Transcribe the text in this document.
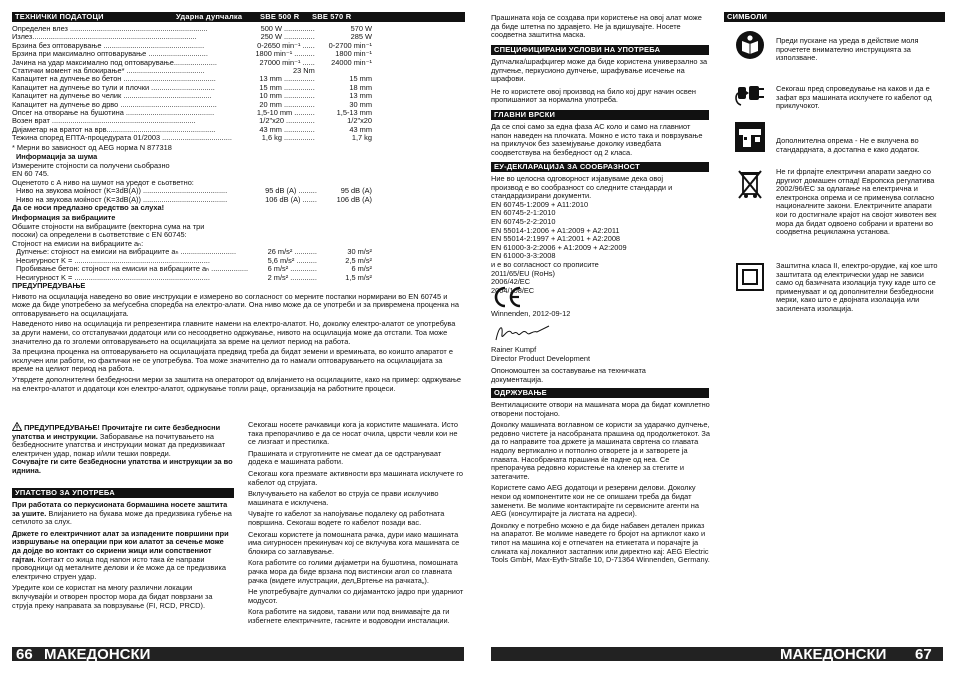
ТЕХНИЧКИ ПОДАТОЦИ	Ударна дупчалка SBE 500 R SBE 570 R
Определен влез ...................................................................	500 W ...............	570 W
Излез................................................................................	250 W ...............	285 W
Брзина без оптоварување .................................................	0-2650 min⁻¹ ......	0-2700 min⁻¹
Брзина при максимално оптоварување .............................	1800 min⁻¹ ..........	1800 min⁻¹
Јачина на удар максимално под оптоварување.....................	27000 min⁻¹ ......	24000 min⁻¹
Статички момент на блокирање* ......................................	23 Nm
Капацитет на дупчење во бетон .............................................	13 mm ...............	15 mm
Капацитет на дупчење во тули и плочки ...............................	15 mm ...............	18 mm
Капацитет на дупчење во челик ...........................................	10 mm ...............	13 mm
Капацитет на дупчење во дрво ...............................................	20 mm ...............	30 mm
Опсег на отворање на бушотина ...........................................	1,5-10 mm ..........	1,5-13 mm
Возен врат ......................................................................	1/2"x20 ..............	1/2"x20
Дијаметар на вратот на врв.....................................................	43 mm ...............	43 mm
Тежина според ЕПТА-процедурата 01/2003 ..................................	1,6 kg ...............	1,7 kg
* Мерни во зависност од AEG норма N 877318

Информација за шума

Измерените стојности са получени сьобразно

EN 60 745.

Оценетото с А ниво на шумот на уредот е сьответно:

Ниво на звукова моќност (K=3dB(A)) .........................................	95 dB (A) .........	95 dB (A)
Ниво на звукова моќност (K=3dB(A)) .........................................	106 dB (A) .......	106 dB (A)

Да се носи предлазно средство за слуха!

Информация за вибрациите

Обшите стојности на вибрациите (векторна сума на три

посоки) са определени в сьответствие с EN 60745:

Стојност на емисии на вибрациите aₕ:

Дупчење: стојност на емисии на вибрациите aₕ ...........................	26 m/s² ...........	30 m/s²
Несигурност K = ..................................................................	5,6 m/s² ..........	2,5 m/s²
Пробивање бетон: стојност на емисии на вибрациите aₕ ..................	6 m/s² .............	6 m/s²
Несигурност K = ..................................................................	2 m/s² .............	1,5 m/s²

ПРЕДУПРЕДУВАЊЕ

Нивото на осцилација наведено во овие инструкции е измерено во согласност со мерните постапки нормирани во EN 60745 и може да биде употребено за меѓусебна споредба на електро-алати. Она ниво може да се употреби и за привремена проценка на оптоварувањето на осцилацијата.

Наведеното ниво на осцилација ги репрезентира главните намени на електро-алатот. Но, доколку електро-алатот се употребува за други намени, со отстапувачки додатоци или со несоодветно одржување, нивото на осцилација може да отстапи. Тоа може значително да го зголеми оптоварувањето на осцилацијата за време на целиот период на работа.

За прецизна проценка на оптоварувањето на осцилацијата предвид треба да бидат земени и времињата, во коишто апаратот е исклучен или работи, но фактички не се употребува. Тоа може значително да го намали оптоварувањето на осцилацијата за време на целиот период на работа.

Утврдете дополнителни безбедносни мерки за заштита на операторот од влијанието на осцилациите, како на пример: одржување на електро-алатот и додатоци кон електро-алатот, одржување топли раце, организација на работните процеси.

ПРЕДУПРЕДУВАЊЕ! Прочитајте ги сите безбедносни упатства и инструкции. Заборавање на почитувањето на безбедносните упатства и инструкции можат да предизвикаат електричен удар, пожар и/или тешки повреди.

Сочувајте ги сите безбедносни упатства и инструкции за во иднина.

УПАТСТВО ЗА УПОТРЕБА

При работата со перкусионата бормашина носете заштита за ушите. Влијанието на букава може да предизвика губење на сетилото за слух.

Држете го електричниот алат за изпадените површини при извршување на операции при кои алатот за сечење може да дојде во контакт со скриени жици или сопствениот гајтан. Контакт со жица под напон исто така ќе направи проводници од металните делови и ќе може да се предизвика електрично струен удар.

Уредите кои се користат на многу различни локации вклучувајќи и отворен простор мора да бидат поврзани за струја преку направата за поврзување (FI, RCD, PRCD).

Секогаш носете рачкaвици кога ја користите машината. Исто така препорачливо е да се носат очила, цврсти чевли кои не се лизгаат и престилка.

Прашината и струготините не смеат да се одстрануваат додека е машината работи.

Секогаш кога презмате активности врз машината исклучете го кабелот од струјата.

Вклучувањето на кабелот во струја се прави исклучиво машината е исклучена.

Чувајте го кабелот за напојување подалеку од работната површина. Секогаш водете го кабелот позади вас.

Секогаш користете ја помошната рачка, дури иако машината има сигурносен прекинувач кој се вклучува кога машината се блокира со заглавување.

Кога работите со голими дијаметри на бушотина, помошната рачка мора да биде врзана под вистински агол со главната рачка (видете илустрации, дел„Вртење на рачката„).

Не употребувајте дупчалки со дијамантско јадро при ударниот модусот.

Кога работите на ѕидови, тавани или под внимавајте да ги избегнете електричните, гасните и водоводни инсталации.

66 МАКЕДОНСКИ

Прашината која се создава при користење на овој алат може да биде штетна по здравјето. Не ја вдишувајте. Носете соодветна заштитна маска.

СПЕЦИФИЦИРАНИ УСЛОВИ НА УПОТРЕБА

Дупчалка/шрафцигер може да биде користена универзално за дупчење, перкусионо дупчење, шрафување исечење на шрафови.

Не го користете овој производ на било кој друг начин освен пропишаниот за нормална употреба.

ГЛАВНИ ВРСКИ

Да се споi само за една фаза AC коло и само на главниот напон наведен на плочката. Можно е исто така и поврзување на приклучок без заземјување доколку изведбата соодветствува на безбедност од 2 класа.

ЕУ-ДЕКЛАРАЦИЈА ЗА СООБРАЗНОСТ

Ние во целосна одговорност изјавуваме дека овој

производ е во сообразност со следните стандарди и

стандардизирани документи.

EN 60745-1:2009 + A11:2010

EN 60745-2-1:2010

EN 60745-2-2:2010

EN 55014-1:2006 + A1:2009 + A2:2011

EN 55014-2:1997 + A1:2001 + A2:2008

EN 61000-3-2:2006 + A1:2009 + A2:2009

EN 61000-3-3:2008

и е во согласност со прописите

2011/65/EU (RoHs)

2006/42/EC

2004/108/EC

Winnenden, 2012-09-12

Rainer Kumpf

Director Product Development

Опономоштен за составување на техничката документација.

ОДРЖУВАЊЕ

Вентилациските отвори на машината мора да бидат комплетно отворени постојано.

Доколку машината воглавном се користи за ударачко дупчење, редовно чистете ја насобраната прашина од продолжетокот. За да го направите тоа држете ја машината свртена со главата надолу вертикално и потполно отворете ја и затворете ја главата. Насобраната прашина ќе падне од нea. Се препорачува редовно користење на кленер за стегите и затегачите.

Користете само AEG додатоци и резервни делови. Доколку некои од компонентите кои не се опишани треба да бидат заменети. Ве молиме контактирајте ги сервисните агенти на AEG (консултирајте ја листата на адреси).

Доколку е потребно можно е да биде набавен детален приказ на апаратот. Ве молиме наведете го бројот на артиклот како и типот на машина кој е отпечатен на етикетата и порачајте ја сликата кај локалниот застапник или директно кај: AEG Electric Tools GmbH, Max-Eyth-Straße 10, D-71364 Winnenden, Germany.

СИМБОЛИ
Преди пускане на уреда в действие моля прочетете внимателно инструкцията за използване.
Секогаш пред спроведување на каков и да е зафат врз машината исклучете го кабелот од приклучокот.
Дополнителна опрема - Не е вклучена во стандардната, а достапна е како додаток.
Не ги фрлајте електрични апарати заедно со другиот домашен отпад! Европска регулатива 2002/96/EC за одлагање на електрична и електронска опрема и се применува согласно националните закони. Електричните апарати кои го достигнале крајот на својот животен век мора да бидат одвоено собрани и вратени во соодветна рециклажна установа.
Заштитна класа II, електро-орудие, кај кое што заштитата од електрически удар не зависи само од базичната изолација туку каде што се применуваат и од дополнителни безбедносни мерки, како што е двојната изолација или засилената изолација.
МАКЕДОНСКИ 67
